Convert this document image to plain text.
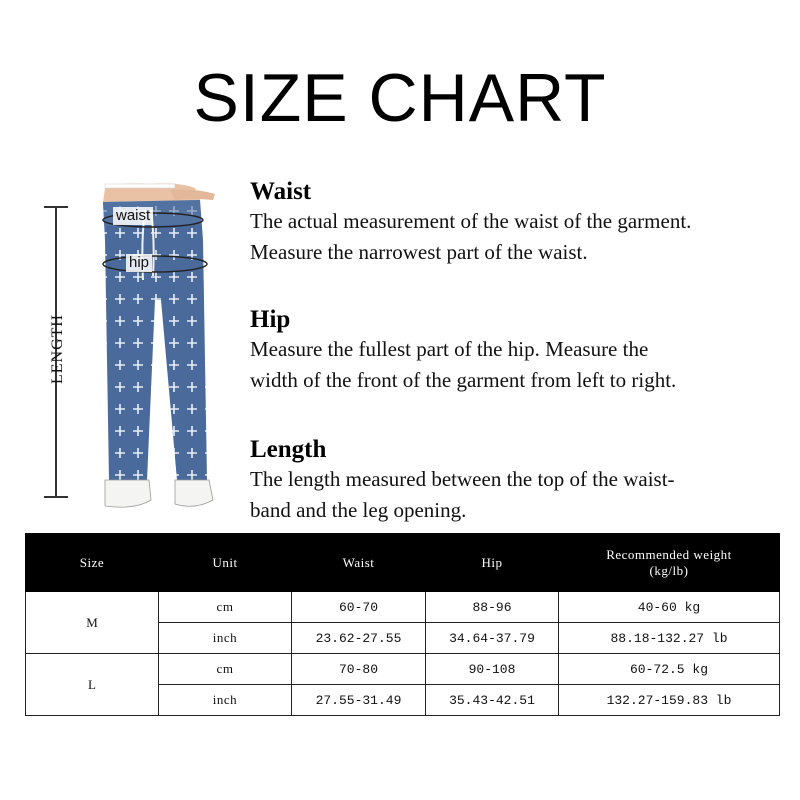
SIZE CHART
LENGTH
waist
hip
Waist

The actual measurement of the waist of the garment.

Measure the narrowest part of the waist.

Hip

Measure the fullest part of the hip. Measure the

width of the front of the garment from left to right.

Length

The length measured between the top of the waist-

band and the leg opening.

Size	Unit	Waist	Hip	Recommended weight
(kg/lb)

M	cm	60-70	88-96	40-60 kg
	inch	23.62-27.55	34.64-37.79	88.18-132.27 lb
L	cm	70-80	90-108	60-72.5 kg
	inch	27.55-31.49	35.43-42.51	132.27-159.83 lb
